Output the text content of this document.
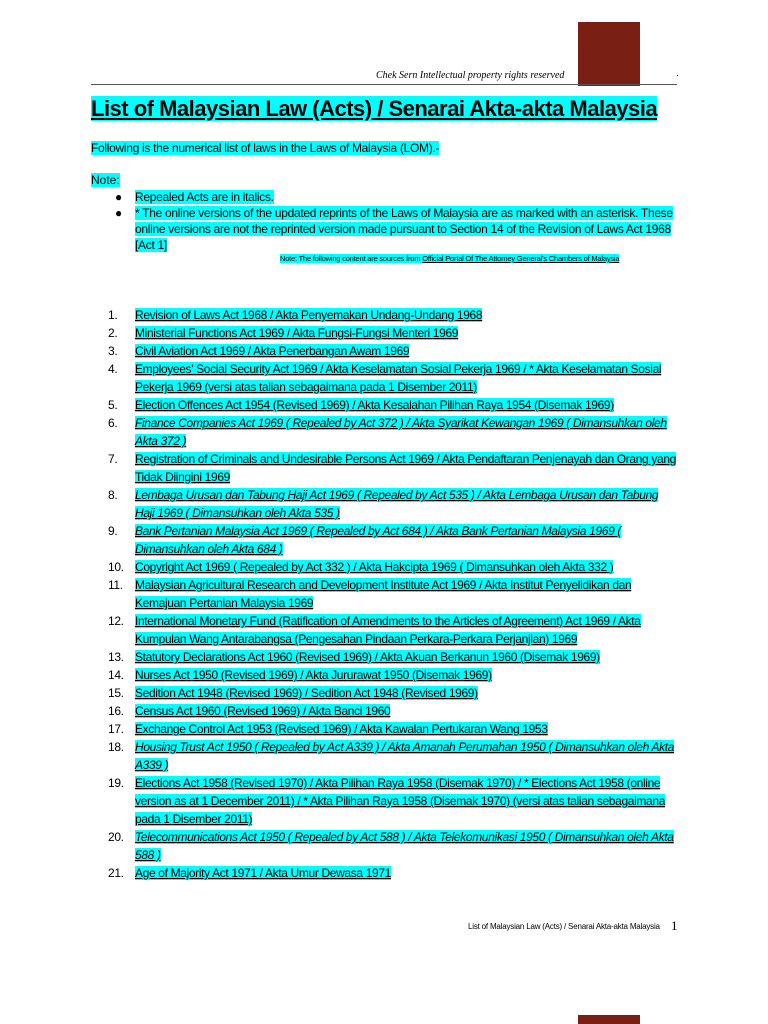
Chek Sern Intellectual property rights reserved	.
List of Malaysian Law (Acts) / Senarai Akta-akta Malaysia
Following is the numerical list of laws in the Laws of Malaysia (LOM).-
Note:
● Repealed Acts are in italics.
● * The online versions of the updated reprints of the Laws of Malaysia are as marked with an asterisk. These online versions are not the reprinted version made pursuant to Section 14 of the Revision of Laws Act 1968 [Act 1]
Note: The following content are sources from Official Portal Of The Attorney General's Chambers of Malaysia
1. Revision of Laws Act 1968 / Akta Penyemakan Undang-Undang 1968
2. Ministerial Functions Act 1969 / Akta Fungsi-Fungsi Menteri 1969
3. Civil Aviation Act 1969 / Akta Penerbangan Awam 1969
4. Employees' Social Security Act 1969 / Akta Keselamatan Sosial Pekerja 1969 / * Akta Keselamatan Sosial Pekerja 1969 (versi atas talian sebagaimana pada 1 Disember 2011)
5. Election Offences Act 1954 (Revised 1969) / Akta Kesalahan Pilihan Raya 1954 (Disemak 1969)
6. Finance Companies Act 1969 ( Repealed by Act 372 ) / Akta Syarikat Kewangan 1969 ( Dimansuhkan oleh Akta 372 )
7. Registration of Criminals and Undesirable Persons Act 1969 / Akta Pendaftaran Penjenayah dan Orang yang Tidak Diingini 1969
8. Lembaga Urusan dan Tabung Haji Act 1969 ( Repealed by Act 535 ) / Akta Lembaga Urusan dan Tabung Haji 1969 ( Dimansuhkan oleh Akta 535 )
9. Bank Pertanian Malaysia Act 1969 ( Repealed by Act 684 ) / Akta Bank Pertanian Malaysia 1969 ( Dimansuhkan oleh Akta 684 )
10. Copyright Act 1969 ( Repealed by Act 332 ) / Akta Hakcipta 1969 ( Dimansuhkan oleh Akta 332 )
11. Malaysian Agricultural Research and Development Institute Act 1969 / Akta Institut Penyelidikan dan Kemajuan Pertanian Malaysia 1969
12. International Monetary Fund (Ratification of Amendments to the Articles of Agreement) Act 1969 / Akta Kumpulan Wang Antarabangsa (Pengesahan Pindaan Perkara-Perkara Perjanjian) 1969
13. Statutory Declarations Act 1960 (Revised 1969) / Akta Akuan Berkanun 1960 (Disemak 1969)
14. Nurses Act 1950 (Revised 1969) / Akta Jururawat 1950 (Disemak 1969)
15. Sedition Act 1948 (Revised 1969) / Sedition Act 1948 (Revised 1969)
16. Census Act 1960 (Revised 1969) / Akta Banci 1960
17. Exchange Control Act 1953 (Revised 1969) / Akta Kawalan Pertukaran Wang 1953
18. Housing Trust Act 1950 ( Repealed by Act A339 ) / Akta Amanah Perumahan 1950 ( Dimansuhkan oleh Akta A339 )
19. Elections Act 1958 (Revised 1970) / Akta Pilihan Raya 1958 (Disemak 1970) / * Elections Act 1958 (online version as at 1 December 2011) / * Akta Pilihan Raya 1958 (Disemak 1970) (versi atas talian sebagaimana pada 1 Disember 2011)
20. Telecommunications Act 1950 ( Repealed by Act 588 ) / Akta Telekomunikasi 1950 ( Dimansuhkan oleh Akta 588 )
21. Age of Majority Act 1971 / Akta Umur Dewasa 1971
List of Malaysian Law (Acts) / Senarai Akta-akta Malaysia 1
